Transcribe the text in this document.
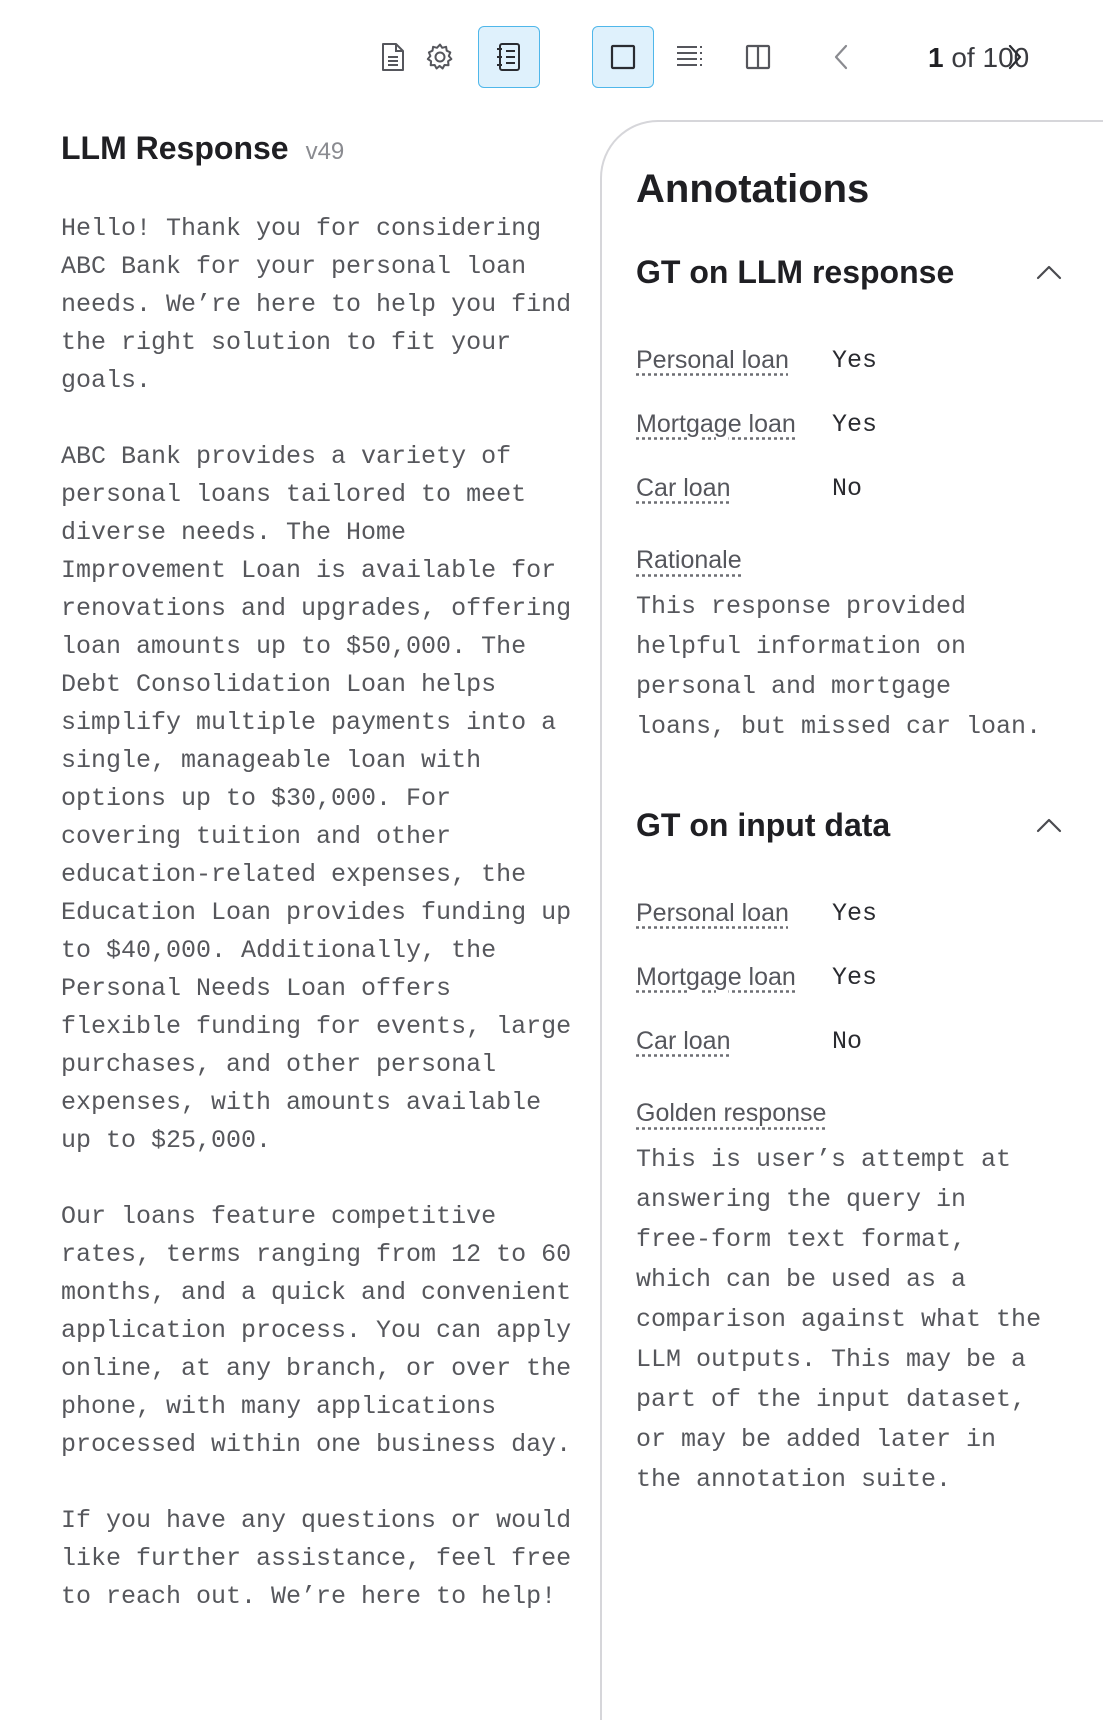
1 of 100
LLM Response v49
Hello! Thank you for considering
ABC Bank for your personal loan
needs. We’re here to help you find
the right solution to fit your
goals.

ABC Bank provides a variety of
personal loans tailored to meet
diverse needs. The Home
Improvement Loan is available for
renovations and upgrades, offering
loan amounts up to $50,000. The
Debt Consolidation Loan helps
simplify multiple payments into a
single, manageable loan with
options up to $30,000. For
covering tuition and other
education-related expenses, the
Education Loan provides funding up
to $40,000. Additionally, the
Personal Needs Loan offers
flexible funding for events, large
purchases, and other personal
expenses, with amounts available
up to $25,000.

Our loans feature competitive
rates, terms ranging from 12 to 60
months, and a quick and convenient
application process. You can apply
online, at any branch, or over the
phone, with many applications
processed within one business day.

If you have any questions or would
like further assistance, feel free
to reach out. We’re here to help!
Annotations
GT on LLM response
Personal loan	Yes
Mortgage loan	Yes
Car loan	No
Rationale
This response provided
helpful information on
personal and mortgage
loans, but missed car loan.
GT on input data
Personal loan	Yes
Mortgage loan	Yes
Car loan	No
Golden response
This is user’s attempt at
answering the query in
free-form text format,
which can be used as a
comparison against what the
LLM outputs. This may be a
part of the input dataset,
or may be added later in
the annotation suite.
